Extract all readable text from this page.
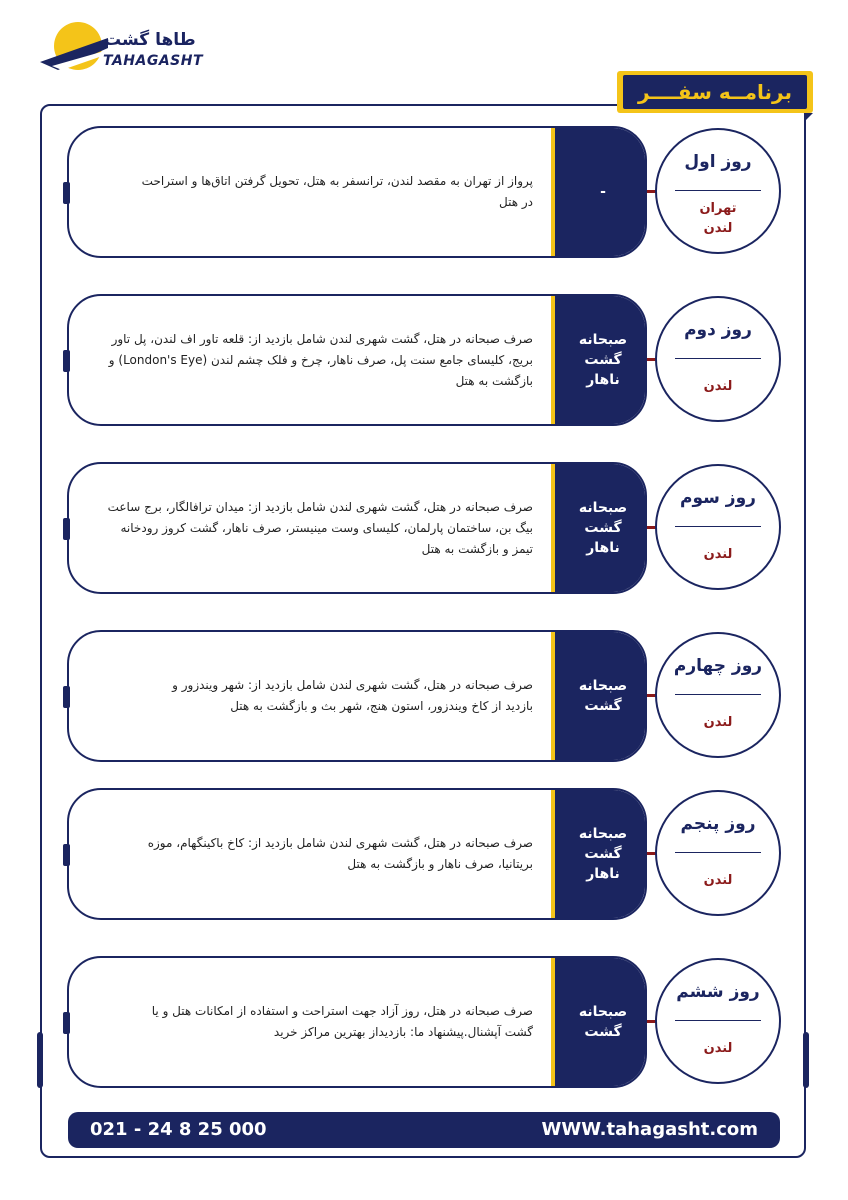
طاها گشت
TAHAGASHT
برنامــه سفــــر
پرواز از تهران به مقصد لندن، ترانسفر به هتل، تحویل گرفتن اتاق‌ها و استراحت
در هتل
-
روز اول
تهران
لندن
صرف صبحانه در هتل، گشت شهری لندن شامل بازدید از: قلعه تاور اف لندن، پل تاور
بریج، کلیسای جامع سنت پل، صرف ناهار، چرخ و فلک چشم لندن (London's Eye) و
بازگشت به هتل
صبحانه
گشت
ناهار
روز دوم
لندن
صرف صبحانه در هتل، گشت شهری لندن شامل بازدید از: میدان ترافالگار، برج ساعت
بیگ بن، ساختمان پارلمان، کلیسای وست مینیستر، صرف ناهار، گشت کروز رودخانه
تیمز و بازگشت به هتل
صبحانه
گشت
ناهار
روز سوم
لندن
صرف صبحانه در هتل، گشت شهری لندن شامل بازدید از: شهر ویندزور و
بازدید از کاخ ویندزور، استون هنج، شهر بث و بازگشت به هتل
صبحانه
گشت
روز چهارم
لندن
صرف صبحانه در هتل، گشت شهری لندن شامل بازدید از: کاخ باکینگهام، موزه
بریتانیا، صرف ناهار و بازگشت به هتل
صبحانه
گشت
ناهار
روز پنجم
لندن
صرف صبحانه در هتل، روز آزاد جهت استراحت و استفاده از امکانات هتل و یا
گشت آپشنال.پیشنهاد ما: بازدیداز بهترین مراکز خرید
صبحانه
گشت
روز ششم
لندن
021 - 24 8 25 000	WWW.tahagasht.com
